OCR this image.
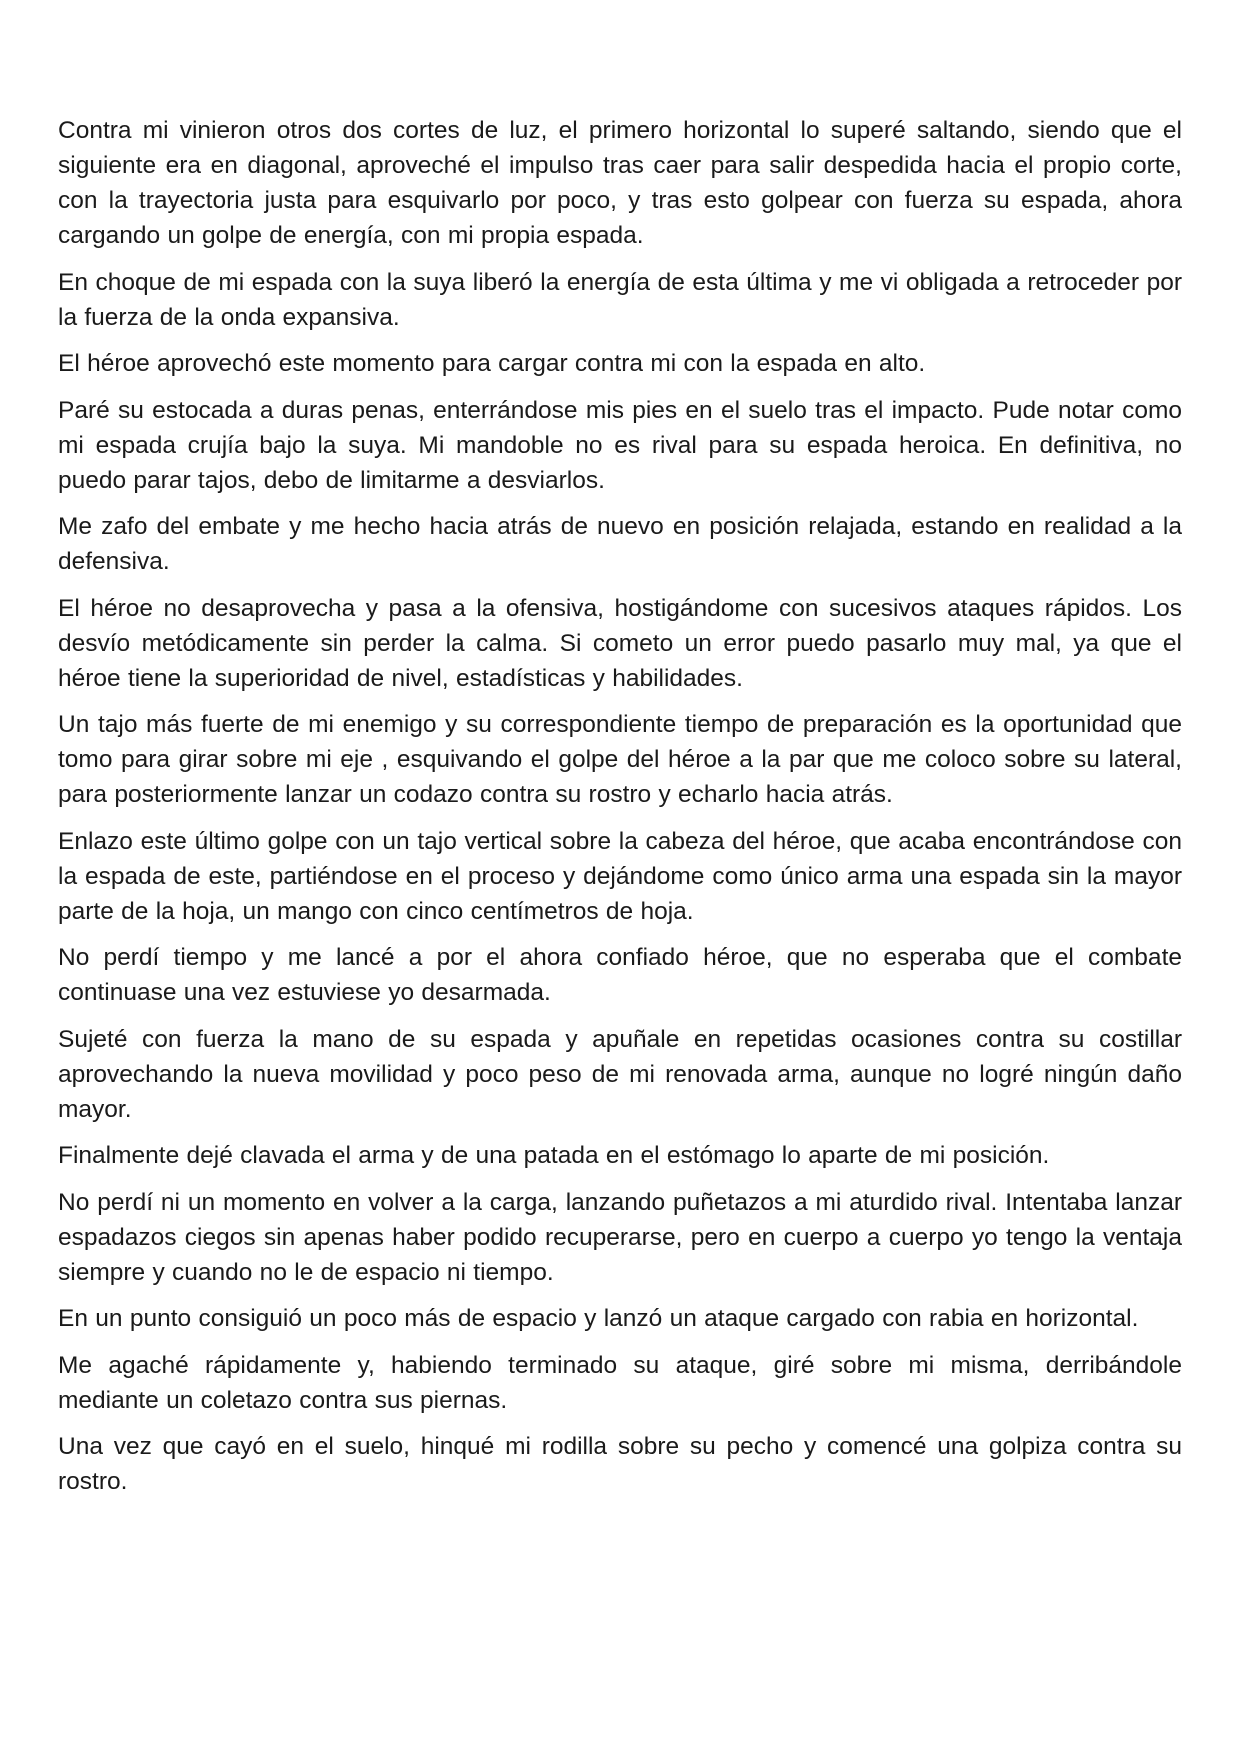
Contra mi vinieron otros dos cortes de luz, el primero horizontal lo superé saltando, siendo que el siguiente era en diagonal, aproveché el impulso tras caer para salir despedida hacia el propio corte, con la trayectoria justa para esquivarlo por poco, y tras esto golpear con fuerza su espada, ahora cargando un golpe de energía, con mi propia espada.

En choque de mi espada con la suya liberó la energía de esta última y me vi obligada a retroceder por la fuerza de la onda expansiva.

El héroe aprovechó este momento para cargar contra mi con la espada en alto.

Paré su estocada a duras penas, enterrándose mis pies en el suelo tras el impacto. Pude notar como mi espada crujía bajo la suya. Mi mandoble no es rival para su espada heroica. En definitiva, no puedo parar tajos, debo de limitarme a desviarlos.

Me zafo del embate y me hecho hacia atrás de nuevo en posición relajada, estando en realidad a la defensiva.

El héroe no desaprovecha y pasa a la ofensiva, hostigándome con sucesivos ataques rápidos. Los desvío metódicamente sin perder la calma. Si cometo un error puedo pasarlo muy mal, ya que el héroe tiene la superioridad de nivel, estadísticas y habilidades.

Un tajo más fuerte de mi enemigo y su correspondiente tiempo de preparación es la oportunidad que tomo para girar sobre mi eje , esquivando el golpe del héroe a la par que me coloco sobre su lateral, para posteriormente lanzar un codazo contra su rostro y echarlo hacia atrás.

Enlazo este último golpe con un tajo vertical sobre la cabeza del héroe, que acaba encontrándose con la espada de este, partiéndose en el proceso y dejándome como único arma una espada sin la mayor parte de la hoja, un mango con cinco centímetros de hoja.

No perdí tiempo y me lancé a por el ahora confiado héroe, que no esperaba que el combate continuase una vez estuviese yo desarmada.

Sujeté con fuerza la mano de su espada y apuñale en repetidas ocasiones contra su costillar aprovechando la nueva movilidad y poco peso de mi renovada arma, aunque no logré ningún daño mayor.

Finalmente dejé clavada el arma y de una patada en el estómago lo aparte de mi posición.

No perdí ni un momento en volver a la carga, lanzando puñetazos a mi aturdido rival. Intentaba lanzar espadazos ciegos sin apenas haber podido recuperarse, pero en cuerpo a cuerpo yo tengo la ventaja siempre y cuando no le de espacio ni tiempo.

En un punto consiguió un poco más de espacio y lanzó un ataque cargado con rabia en horizontal.

Me agaché rápidamente y, habiendo terminado su ataque, giré sobre mi misma, derribándole mediante un coletazo contra sus piernas.

Una vez que cayó en el suelo, hinqué mi rodilla sobre su pecho y comencé una golpiza contra su rostro.
